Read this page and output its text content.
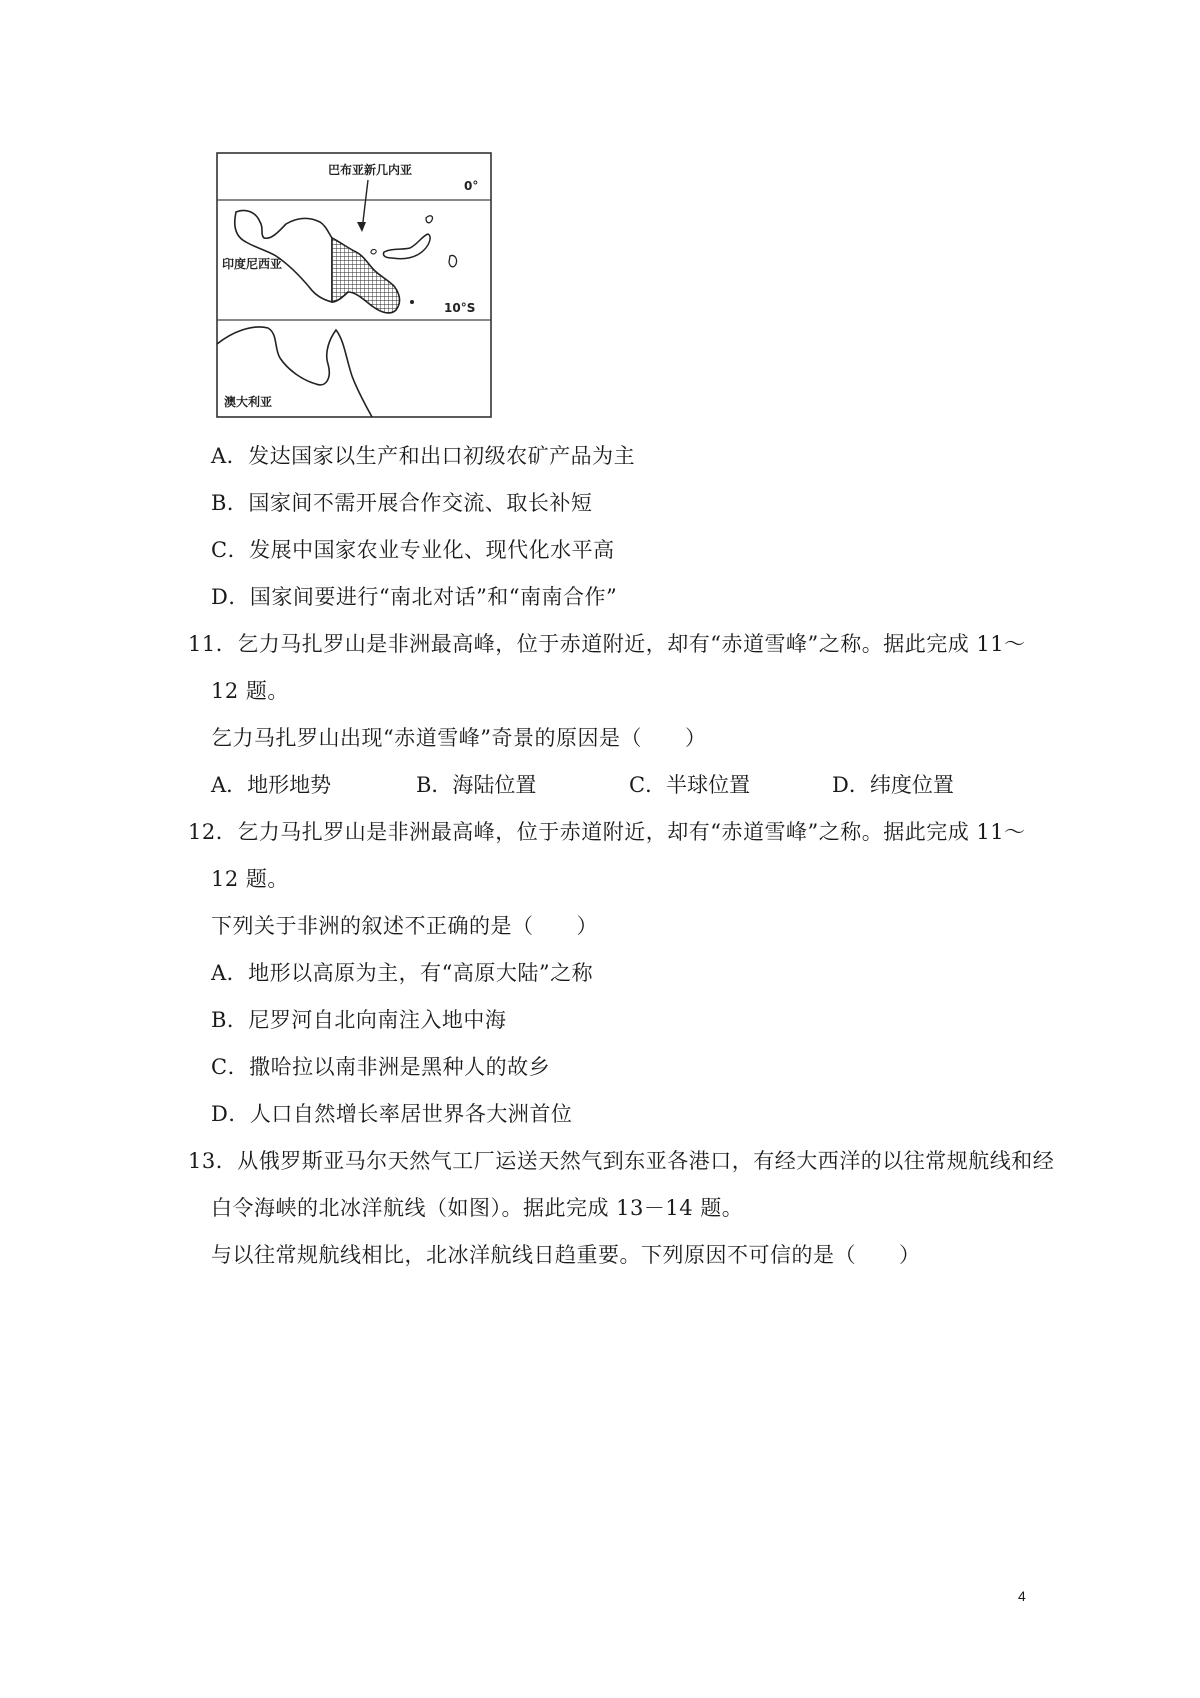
巴布亚新几内亚
0°
印度尼西亚
10°S
澳大利亚
A．发达国家以生产和出口初级农矿产品为主
B．国家间不需开展合作交流、取长补短
C．发展中国家农业专业化、现代化水平高
D．国家间要进行“南北对话”和“南南合作”
11．乞力马扎罗山是非洲最高峰，位于赤道附近，却有“赤道雪峰”之称。据此完成 11～
12 题。
乞力马扎罗山出现“赤道雪峰”奇景的原因是（　　）
A．地形地势	B．海陆位置	C．半球位置	D．纬度位置
12．乞力马扎罗山是非洲最高峰，位于赤道附近，却有“赤道雪峰”之称。据此完成 11～
12 题。
下列关于非洲的叙述不正确的是（　　）
A．地形以高原为主，有“高原大陆”之称
B．尼罗河自北向南注入地中海
C．撒哈拉以南非洲是黑种人的故乡
D．人口自然增长率居世界各大洲首位
13．从俄罗斯亚马尔天然气工厂运送天然气到东亚各港口，有经大西洋的以往常规航线和经
白令海峡的北冰洋航线（如图）。据此完成 13－14 题。
与以往常规航线相比，北冰洋航线日趋重要。下列原因不可信的是（　　）
4
